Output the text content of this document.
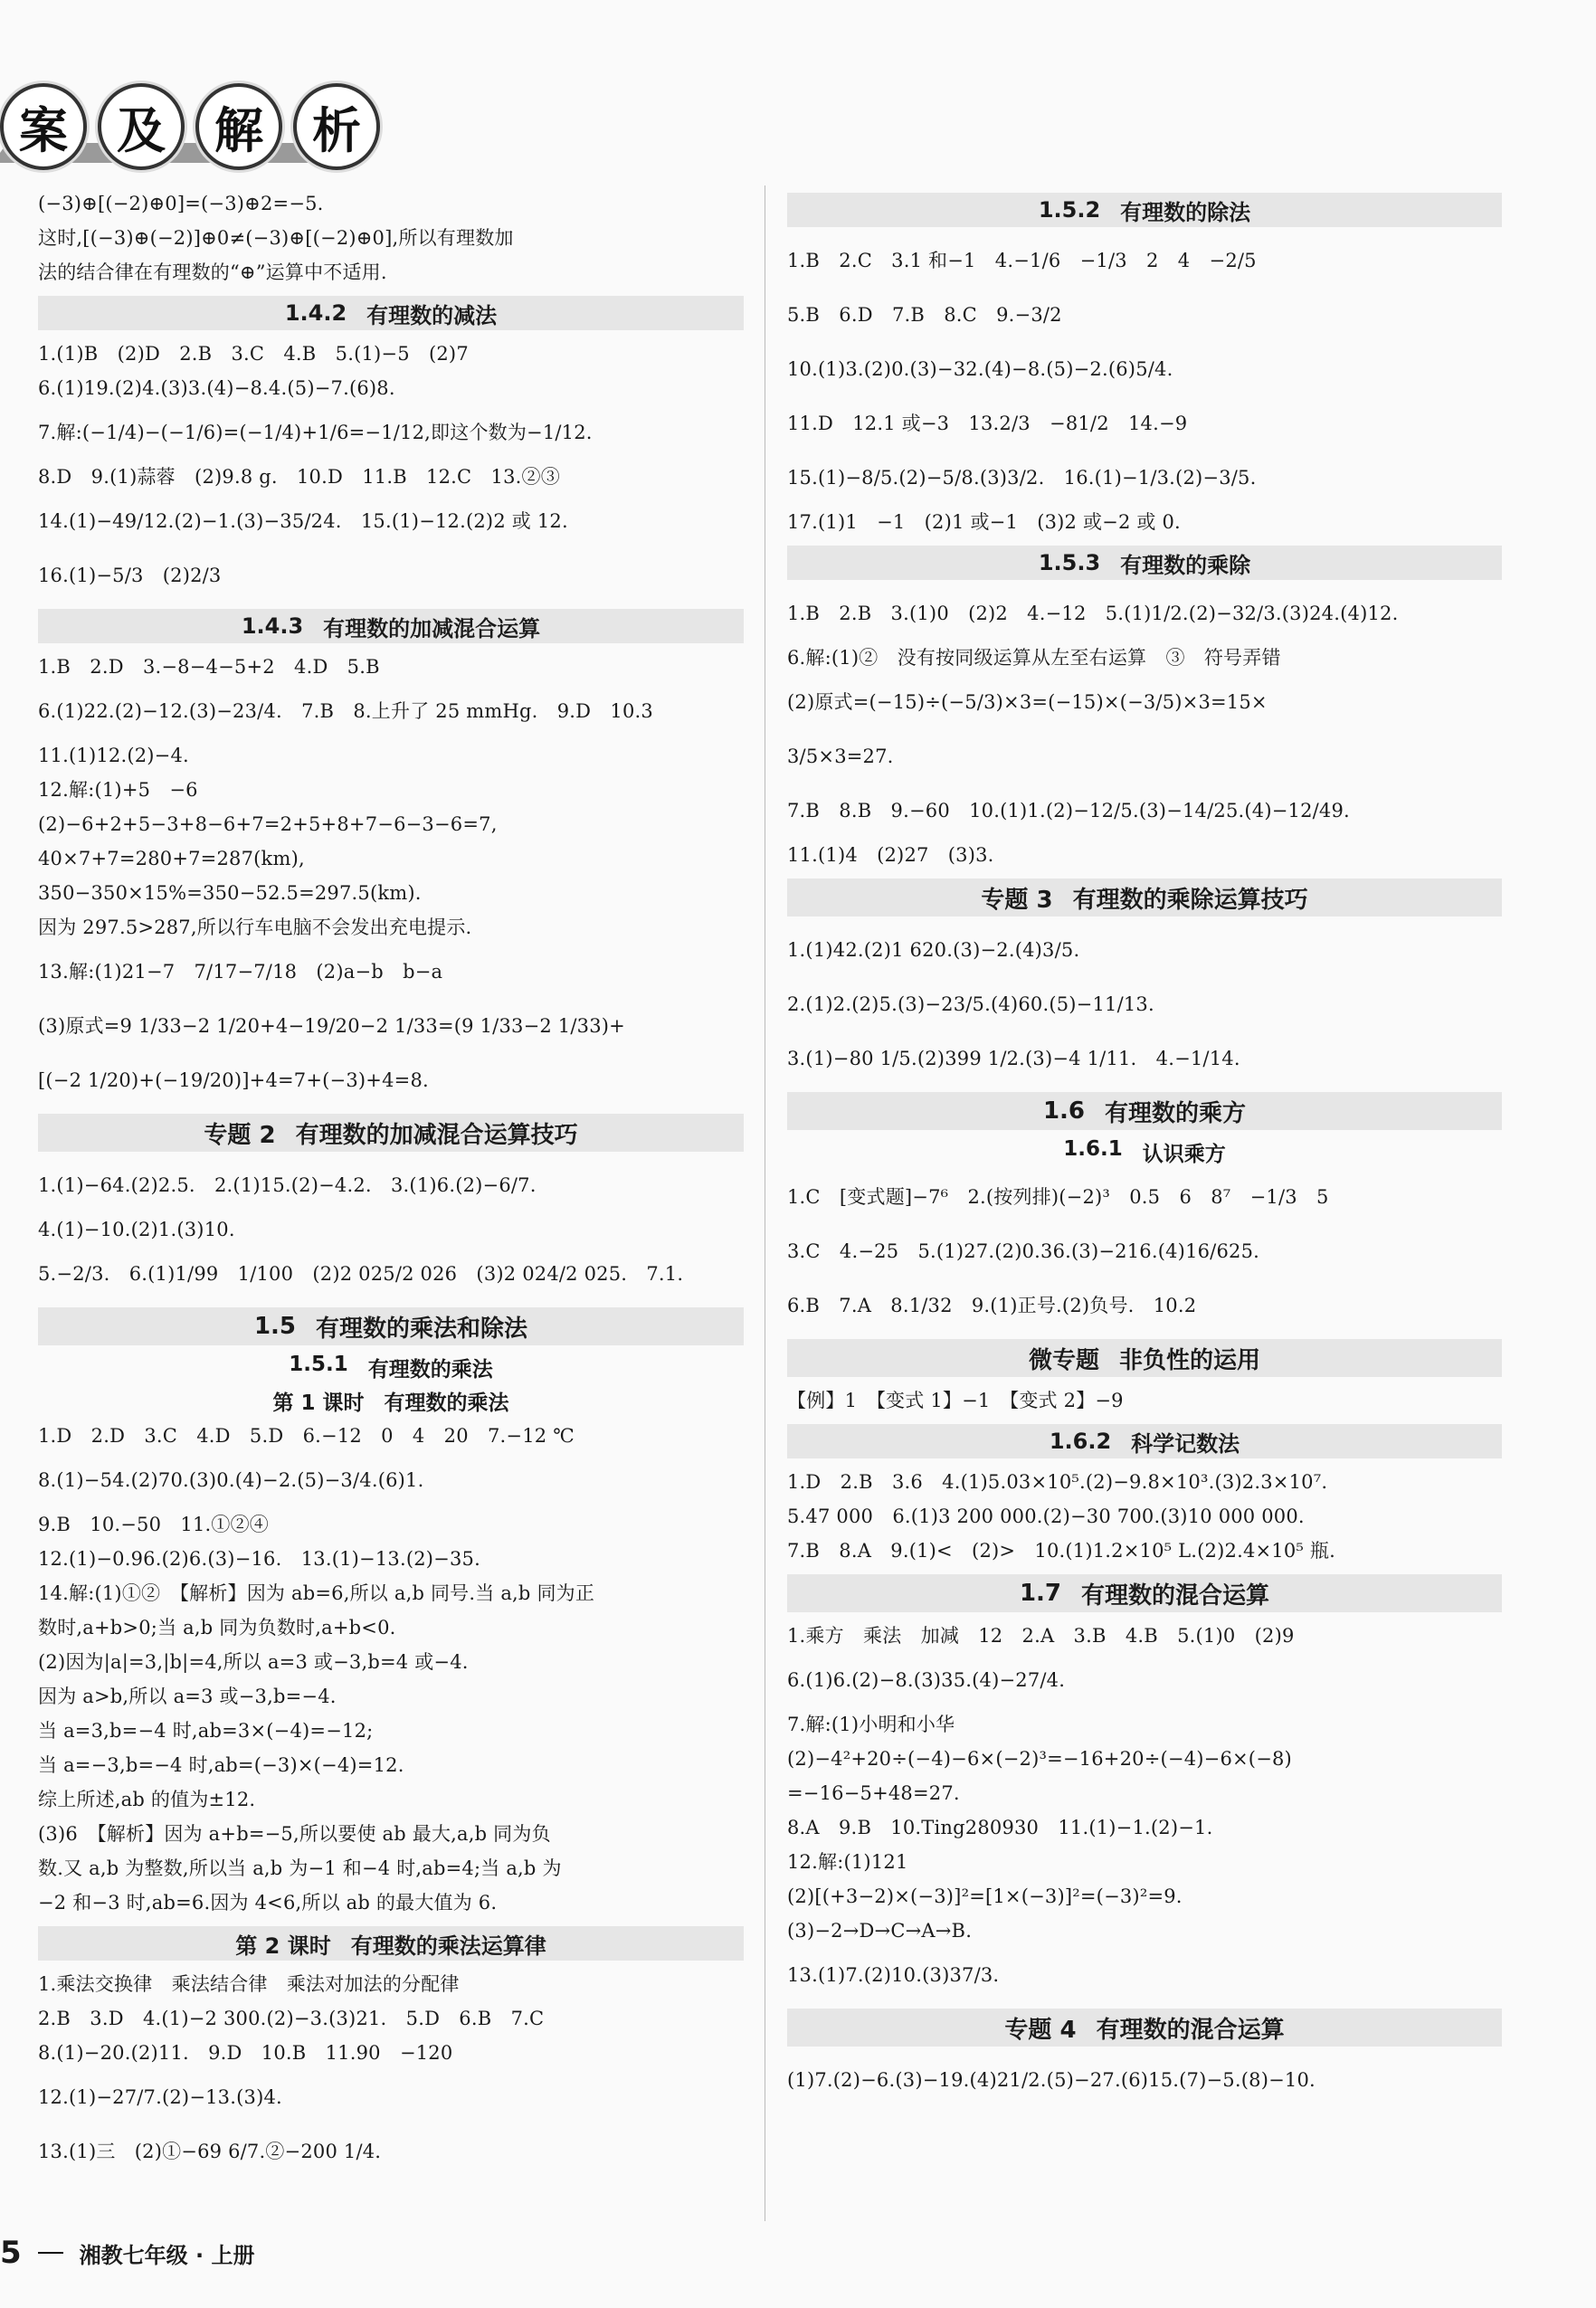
案	及	解	析
(−3)⊕[(−2)⊕0]=(−3)⊕2=−5.
这时,[(−3)⊕(−2)]⊕0≠(−3)⊕[(−2)⊕0],所以有理数加
法的结合律在有理数的“⊕”运算中不适用.
1.4.2 有理数的减法
1.(1)B　(2)D　2.B　3.C　4.B　5.(1)−5　(2)7
6.(1)19.(2)4.(3)3.(4)−8.4.(5)−7.(6)8.
7.解:(−1/4)−(−1/6)=(−1/4)+1/6=−1/12,即这个数为−1/12.
8.D　9.(1)蒜蓉　(2)9.8 g.　10.D　11.B　12.C　13.②③
14.(1)−49/12.(2)−1.(3)−35/24.　15.(1)−12.(2)2 或 12.
16.(1)−5/3　(2)2/3
1.4.3 有理数的加减混合运算
1.B　2.D　3.−8−4−5+2　4.D　5.B
6.(1)22.(2)−12.(3)−23/4.　7.B　8.上升了 25 mmHg.　9.D　10.3
11.(1)12.(2)−4.
12.解:(1)+5　−6
(2)−6+2+5−3+8−6+7=2+5+8+7−6−3−6=7,
40×7+7=280+7=287(km),
350−350×15%=350−52.5=297.5(km).
因为 297.5>287,所以行车电脑不会发出充电提示.
13.解:(1)21−7　7/17−7/18　(2)a−b　b−a
(3)原式=9 1/33−2 1/20+4−19/20−2 1/33=(9 1/33−2 1/33)+
[(−2 1/20)+(−19/20)]+4=7+(−3)+4=8.
专题 2 有理数的加减混合运算技巧
1.(1)−64.(2)2.5.　2.(1)15.(2)−4.2.　3.(1)6.(2)−6/7.
4.(1)−10.(2)1.(3)10.
5.−2/3.　6.(1)1/99　1/100　(2)2 025/2 026　(3)2 024/2 025.　7.1.
1.5 有理数的乘法和除法
1.5.1 有理数的乘法
第 1 课时 有理数的乘法
1.D　2.D　3.C　4.D　5.D　6.−12　0　4　20　7.−12 ℃
8.(1)−54.(2)70.(3)0.(4)−2.(5)−3/4.(6)1.
9.B　10.−50　11.①②④
12.(1)−0.96.(2)6.(3)−16.　13.(1)−13.(2)−35.
14.解:(1)①②　【解析】因为 ab=6,所以 a,b 同号.当 a,b 同为正
数时,a+b>0;当 a,b 同为负数时,a+b<0.
(2)因为|a|=3,|b|=4,所以 a=3 或−3,b=4 或−4.
因为 a>b,所以 a=3 或−3,b=−4.
当 a=3,b=−4 时,ab=3×(−4)=−12;
当 a=−3,b=−4 时,ab=(−3)×(−4)=12.
综上所述,ab 的值为±12.
(3)6　【解析】因为 a+b=−5,所以要使 ab 最大,a,b 同为负
数.又 a,b 为整数,所以当 a,b 为−1 和−4 时,ab=4;当 a,b 为
−2 和−3 时,ab=6.因为 4<6,所以 ab 的最大值为 6.
第 2 课时 有理数的乘法运算律
1.乘法交换律　乘法结合律　乘法对加法的分配律
2.B　3.D　4.(1)−2 300.(2)−3.(3)21.　5.D　6.B　7.C
8.(1)−20.(2)11.　9.D　10.B　11.90　−120
12.(1)−27/7.(2)−13.(3)4.
13.(1)三　(2)①−69 6/7.②−200 1/4.
1.5.2 有理数的除法
1.B　2.C　3.1 和−1　4.−1/6　−1/3　2　4　−2/5
5.B　6.D　7.B　8.C　9.−3/2
10.(1)3.(2)0.(3)−32.(4)−8.(5)−2.(6)5/4.
11.D　12.1 或−3　13.2/3　−81/2　14.−9
15.(1)−8/5.(2)−5/8.(3)3/2.　16.(1)−1/3.(2)−3/5.
17.(1)1　−1　(2)1 或−1　(3)2 或−2 或 0.
1.5.3 有理数的乘除
1.B　2.B　3.(1)0　(2)2　4.−12　5.(1)1/2.(2)−32/3.(3)24.(4)12.
6.解:(1)②　没有按同级运算从左至右运算　③　符号弄错
(2)原式=(−15)÷(−5/3)×3=(−15)×(−3/5)×3=15×
3/5×3=27.
7.B　8.B　9.−60　10.(1)1.(2)−12/5.(3)−14/25.(4)−12/49.
11.(1)4　(2)27　(3)3.
专题 3 有理数的乘除运算技巧
1.(1)42.(2)1 620.(3)−2.(4)3/5.
2.(1)2.(2)5.(3)−23/5.(4)60.(5)−11/13.
3.(1)−80 1/5.(2)399 1/2.(3)−4 1/11.　4.−1/14.
1.6 有理数的乘方
1.6.1 认识乘方
1.C　[变式题]−7⁶　2.(按列排)(−2)³　0.5　6　8⁷　−1/3　5
3.C　4.−25　5.(1)27.(2)0.36.(3)−216.(4)16/625.
6.B　7.A　8.1/32　9.(1)正号.(2)负号.　10.2
微专题 非负性的运用
【例】1　【变式 1】−1　【变式 2】−9
1.6.2 科学记数法
1.D　2.B　3.6　4.(1)5.03×10⁵.(2)−9.8×10³.(3)2.3×10⁷.
5.47 000　6.(1)3 200 000.(2)−30 700.(3)10 000 000.
7.B　8.A　9.(1)<　(2)>　10.(1)1.2×10⁵ L.(2)2.4×10⁵ 瓶.
1.7 有理数的混合运算
1.乘方　乘法　加减　12　2.A　3.B　4.B　5.(1)0　(2)9
6.(1)6.(2)−8.(3)35.(4)−27/4.
7.解:(1)小明和小华
(2)−4²+20÷(−4)−6×(−2)³=−16+20÷(−4)−6×(−8)
=−16−5+48=27.
8.A　9.B　10.Ting280930　11.(1)−1.(2)−1.
12.解:(1)121
(2)[(+3−2)×(−3)]²=[1×(−3)]²=(−3)²=9.
(3)−2→D→C→A→B.
13.(1)7.(2)10.(3)37/3.
专题 4 有理数的混合运算
(1)7.(2)−6.(3)−19.(4)21/2.(5)−27.(6)15.(7)−5.(8)−10.
5	湘教七年级 · 上册
